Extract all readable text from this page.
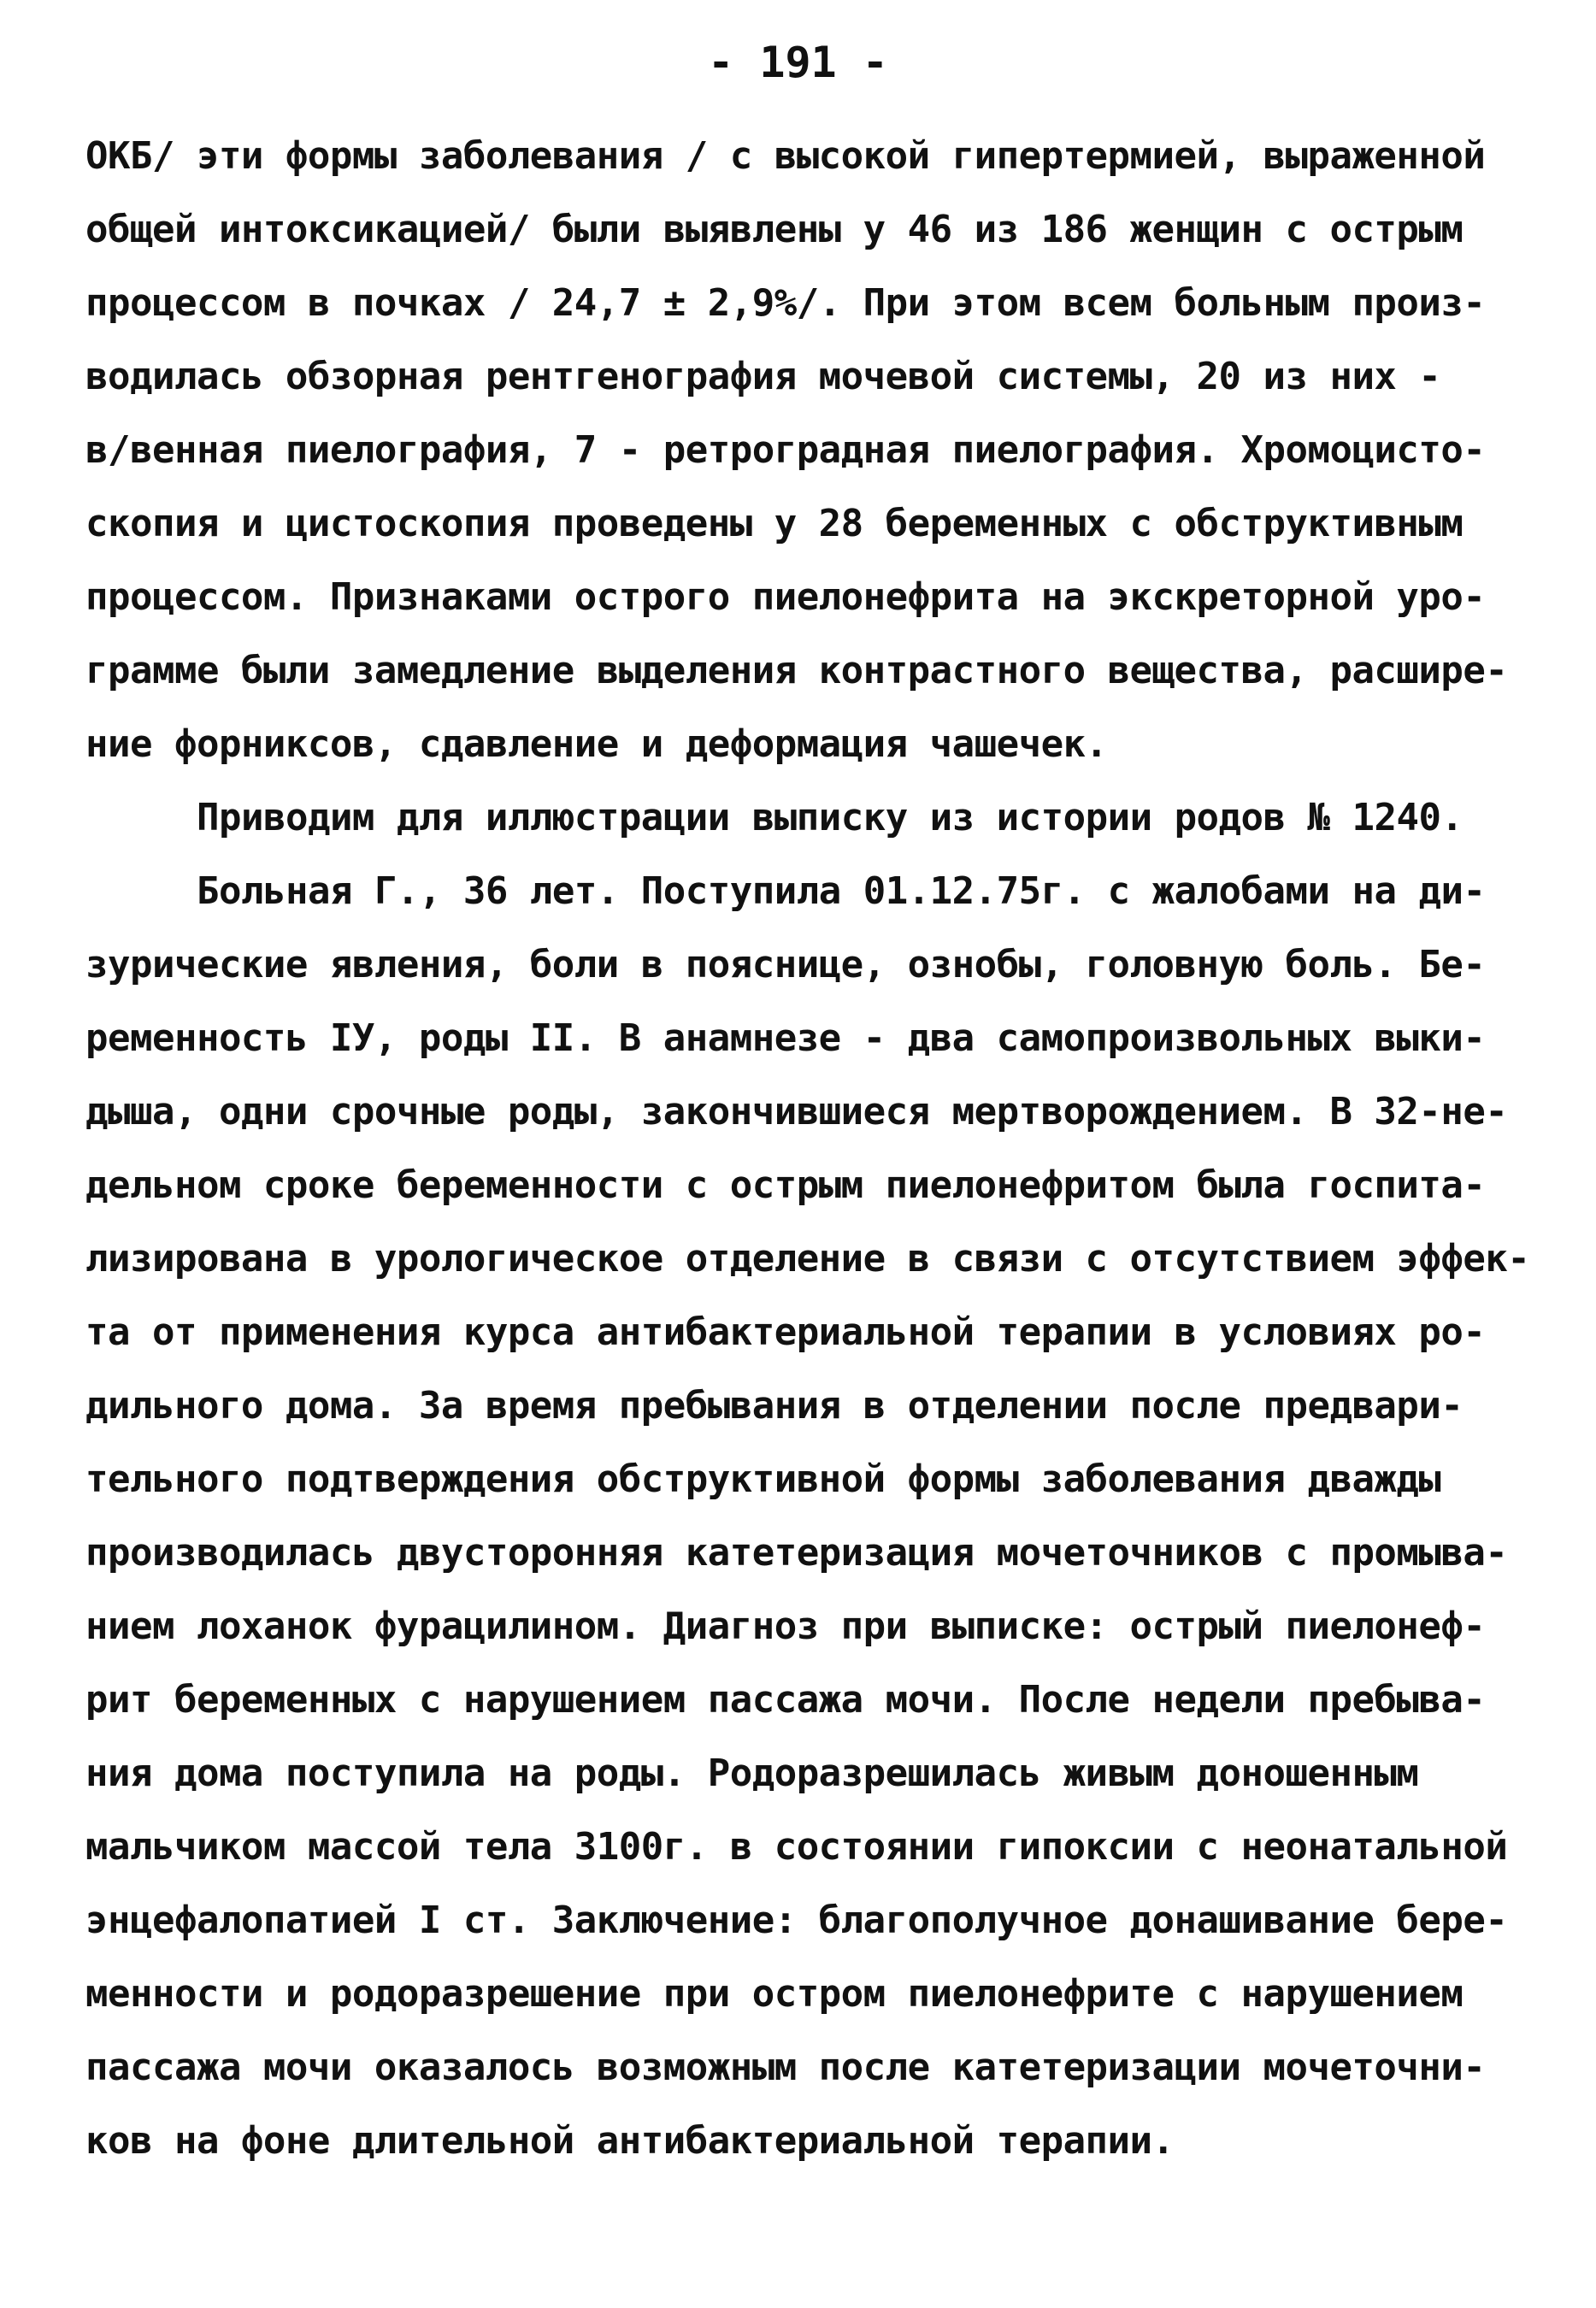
- 191 -
ОКБ/ эти формы заболевания / с высокой гипертермией, выраженной
общей интоксикацией/ были выявлены у 46 из 186 женщин с острым
процессом в почках / 24,7 ± 2,9%/. При этом всем больным произ-
водилась обзорная рентгенография мочевой системы, 20 из них -
в/венная пиелография, 7 - ретроградная пиелография. Хромоцисто-
скопия и цистоскопия проведены у 28 беременных с обструктивным
процессом. Признаками острого пиелонефрита на экскреторной уро-
грамме были замедление выделения контрастного вещества, расшире-
ние форниксов, сдавление и деформация чашечек.
Приводим для иллюстрации выписку из истории родов № 1240.
Больная Г., 36 лет. Поступила 01.12.75г. с жалобами на ди-
зурические явления, боли в пояснице, ознобы, головную боль. Бе-
ременность IУ, роды II. В анамнезе - два самопроизвольных выки-
дыша, одни срочные роды, закончившиеся мертворождением. В 32-не-
дельном сроке беременности с острым пиелонефритом была госпита-
лизирована в урологическое отделение в связи с отсутствием эффек-
та от применения курса антибактериальной терапии в условиях ро-
дильного дома. За время пребывания в отделении после предвари-
тельного подтверждения обструктивной формы заболевания дважды
производилась двусторонняя катетеризация мочеточников с промыва-
нием лоханок фурацилином. Диагноз при выписке: острый пиелонеф-
рит беременных с нарушением пассажа мочи. После недели пребыва-
ния дома поступила на роды. Родоразрешилась живым доношенным
мальчиком массой тела 3100г. в состоянии гипоксии с неонатальной
энцефалопатией I ст. Заключение: благополучное донашивание бере-
менности и родоразрешение при остром пиелонефрите с нарушением
пассажа мочи оказалось возможным после катетеризации мочеточни-
ков на фоне длительной антибактериальной терапии.
